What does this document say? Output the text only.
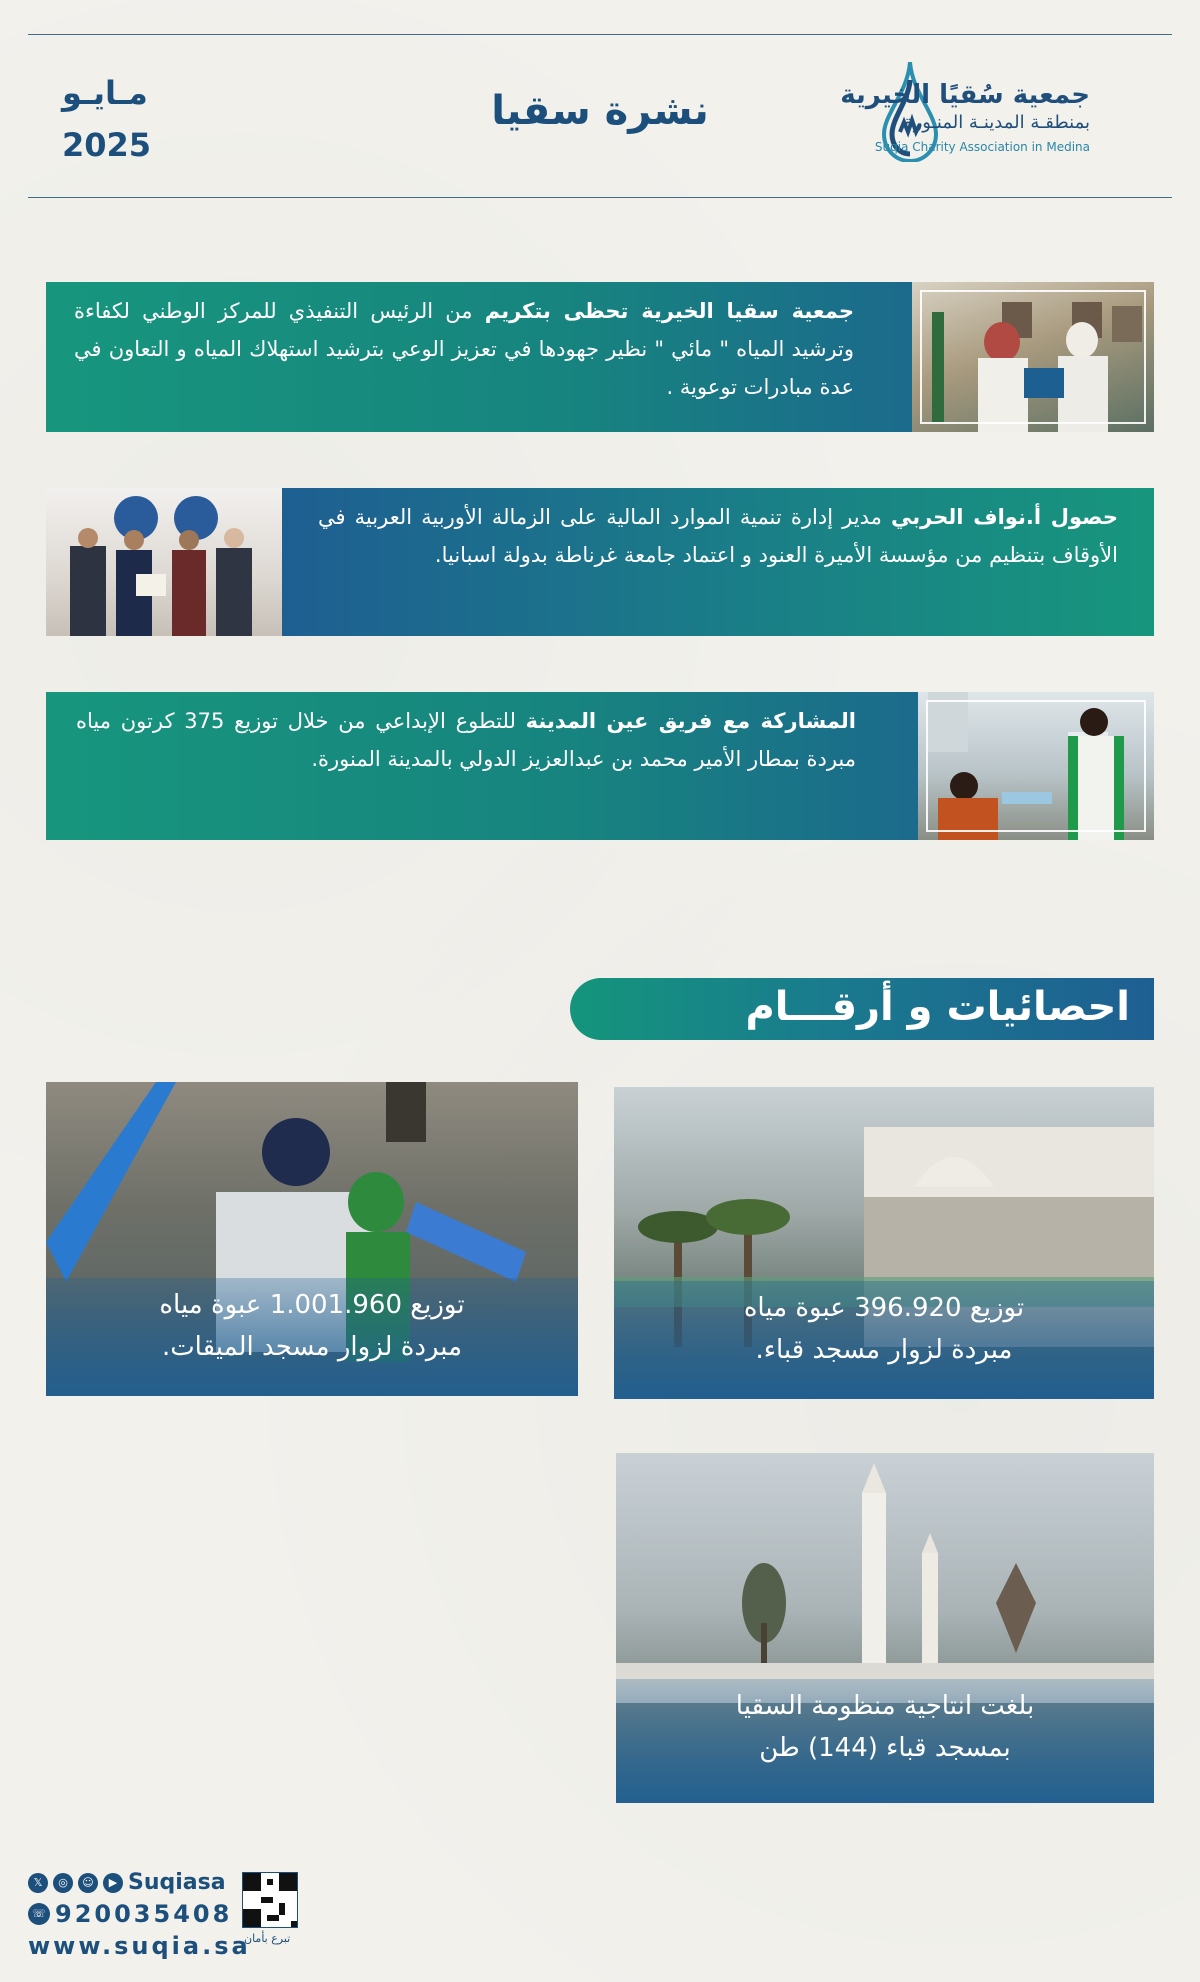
جمعية سُقيًا الخيرية
بمنطقـة المدينـة المنـورة
Suqia Charity Association in Medina
نشرة سقيا
مـايـو
2025
جمعية سقيا الخيرية تحظى بتكريم من الرئيس التنفيذي للمركز الوطني لكفاءة وترشيد المياه " مائي " نظير جهودها في تعزيز الوعي بترشيد استهلاك المياه و التعاون في عدة مبادرات توعوية .
حصول أ.نواف الحربي مدير إدارة تنمية الموارد المالية على الزمالة الأوربية العربية في الأوقاف بتنظيم من مؤسسة الأميرة العنود و اعتماد جامعة غرناطة بدولة اسبانيا.
المشاركة مع فريق عين المدينة للتطوع الإبداعي من خلال توزيع 375 كرتون مياه مبردة بمطار الأمير محمد بن عبدالعزيز الدولي بالمدينة المنورة.
احصائيات و أرقـــام
توزيع 396.920 عبوة مياه
مبردة لزوار مسجد قباء.
توزيع 1.001.960 عبوة مياه
مبردة لزوار مسجد الميقات.
بلغت انتاجية منظومة السقيا
بمسجد قباء (144) طن
𝕏 ◎ ☺ ▶ Suqiasa
☏ 920035408
www.suqia.sa
تبرع بأمان
